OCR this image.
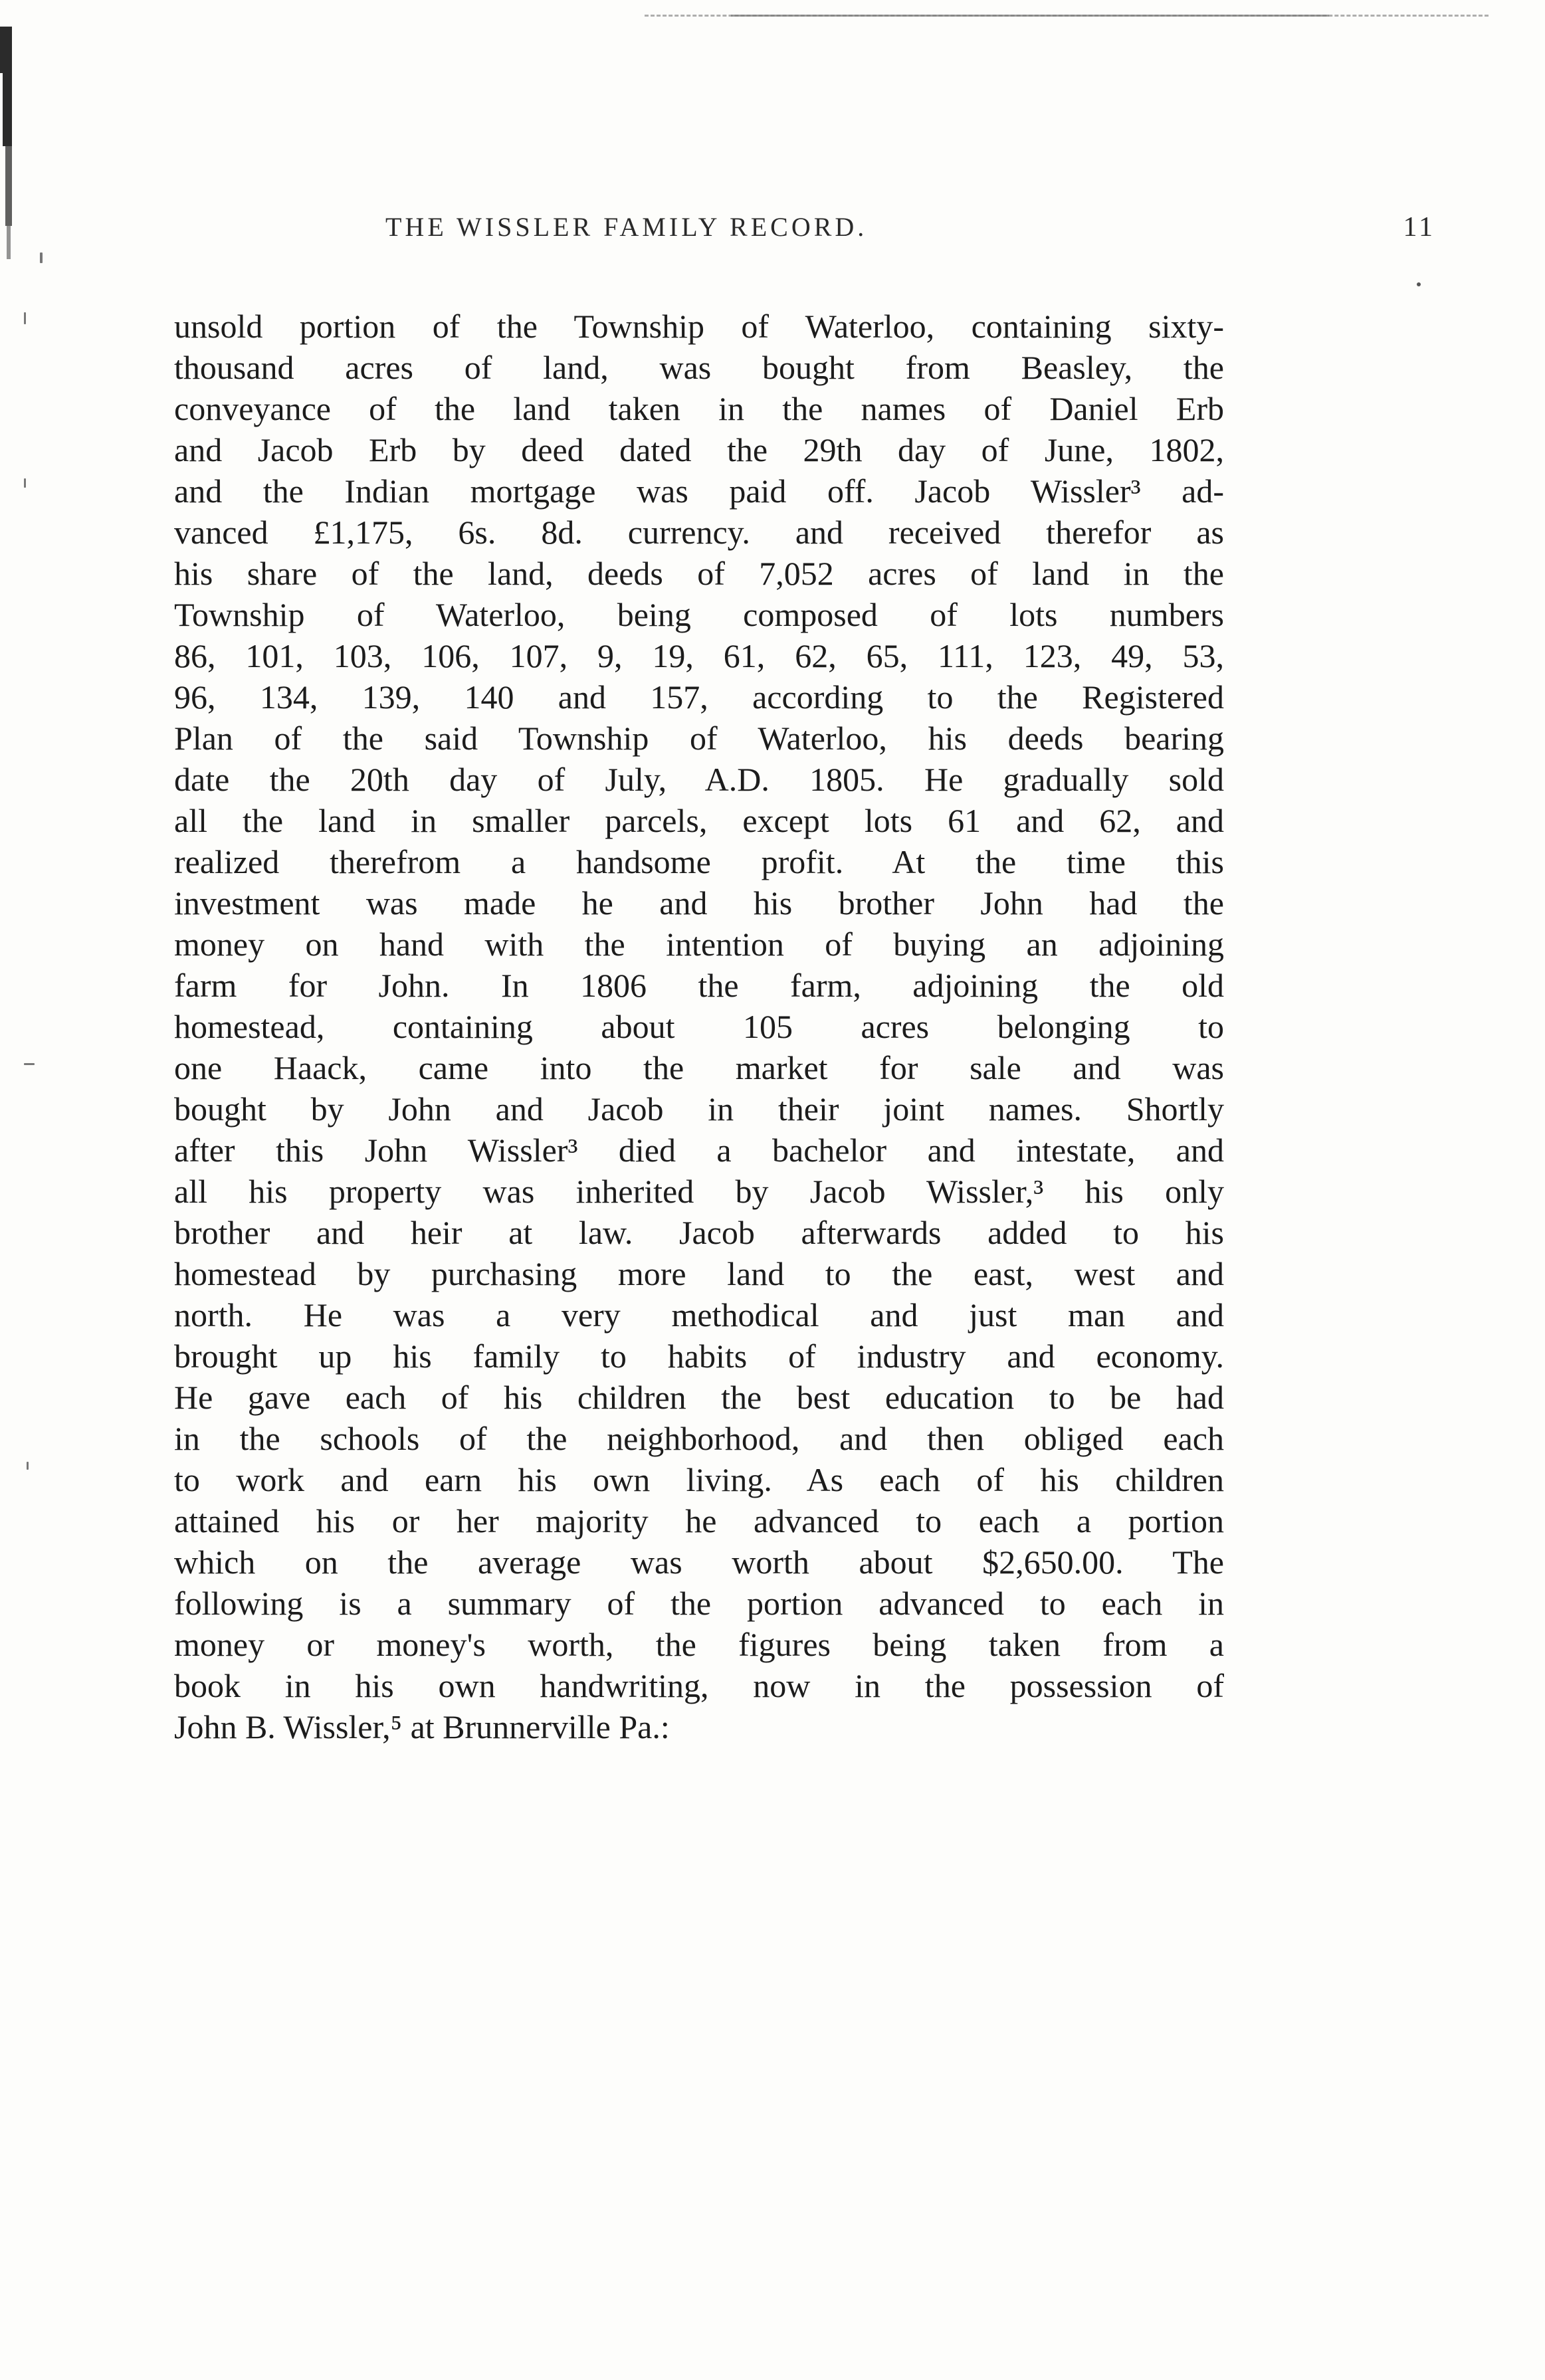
THE WISSLER FAMILY RECORD.	11
unsold portion of the Township of Waterloo, containing sixty-
thousand acres of land, was bought from Beasley, the
conveyance of the land taken in the names of Daniel Erb
and Jacob Erb by deed dated the 29th day of June, 1802,
and the Indian mortgage was paid off. Jacob Wissler³ ad-
vanced £1,175, 6s. 8d. currency. and received therefor as
his share of the land, deeds of 7,052 acres of land in the
Township of Waterloo, being composed of lots numbers
86, 101, 103, 106, 107, 9, 19, 61, 62, 65, 111, 123, 49, 53,
96, 134, 139, 140 and 157, according to the Registered
Plan of the said Township of Waterloo, his deeds bearing
date the 20th day of July, A.D. 1805. He gradually sold
all the land in smaller parcels, except lots 61 and 62, and
realized therefrom a handsome profit. At the time this
investment was made he and his brother John had the
money on hand with the intention of buying an adjoining
farm for John. In 1806 the farm, adjoining the old
homestead, containing about 105 acres belonging to
one Haack, came into the market for sale and was
bought by John and Jacob in their joint names. Shortly
after this John Wissler³ died a bachelor and intestate, and
all his property was inherited by Jacob Wissler,³ his only
brother and heir at law. Jacob afterwards added to his
homestead by purchasing more land to the east, west and
north. He was a very methodical and just man and
brought up his family to habits of industry and economy.
He gave each of his children the best education to be had
in the schools of the neighborhood, and then obliged each
to work and earn his own living. As each of his children
attained his or her majority he advanced to each a portion
which on the average was worth about $2,650.00. The
following is a summary of the portion advanced to each in
money or money's worth, the figures being taken from a
book in his own handwriting, now in the possession of
John B. Wissler,⁵ at Brunnerville Pa.:
